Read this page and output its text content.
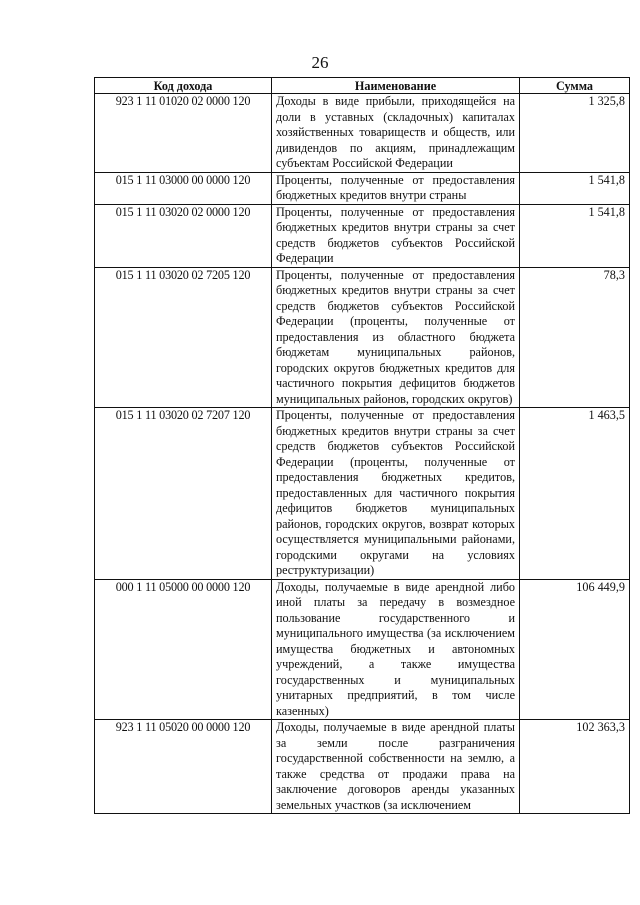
26
Код дохода	Наименование	Сумма
923 1 11 01020 02 0000 120	Доходы в виде прибыли, приходящейся на доли в уставных (складочных) капиталах хозяйственных товариществ и обществ, или дивидендов по акциям, принадлежащим субъектам Российской Федерации	1 325,8
015 1 11 03000 00 0000 120	Проценты, полученные от предоставления бюджетных кредитов внутри страны	1 541,8
015 1 11 03020 02 0000 120	Проценты, полученные от предоставления бюджетных кредитов внутри страны за счет средств бюджетов субъектов Российской Федерации	1 541,8
015 1 11 03020 02 7205 120	Проценты, полученные от предоставления бюджетных кредитов внутри страны за счет средств бюджетов субъектов Российской Федерации (проценты, полученные от предоставления из областного бюджета бюджетам муниципальных районов, городских округов бюджетных кредитов для частичного покрытия дефицитов бюджетов муниципальных районов, городских округов)	78,3
015 1 11 03020 02 7207 120	Проценты, полученные от предоставления бюджетных кредитов внутри страны за счет средств бюджетов субъектов Российской Федерации (проценты, полученные от предоставления бюджетных кредитов, предоставленных для частичного покрытия дефицитов бюджетов муниципальных районов, городских округов, возврат которых осуществляется муниципальными районами, городскими округами на условиях реструктуризации)	1 463,5
000 1 11 05000 00 0000 120	Доходы, получаемые в виде арендной либо иной платы за передачу в возмездное пользование государственного и муниципального имущества (за исключением имущества бюджетных и автономных учреждений, а также имущества государственных и муниципальных унитарных предприятий, в том числе казенных)	106 449,9
923 1 11 05020 00 0000 120	Доходы, получаемые в виде арендной платы за земли после разграничения государственной собственности на землю, а также средства от продажи права на заключение договоров аренды указанных земельных участков (за исключением	102 363,3
